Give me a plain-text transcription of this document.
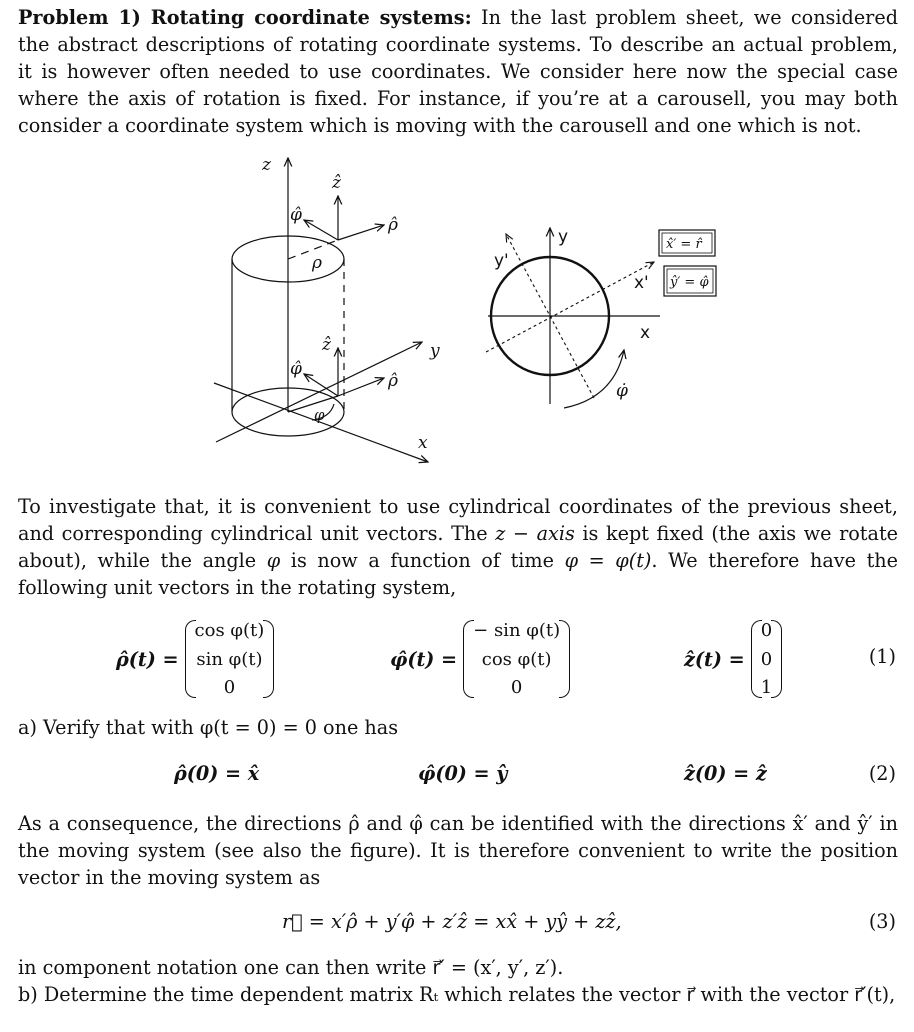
Problem 1) Rotating coordinate systems: In the last problem sheet, we considered the abstract descriptions of rotating coordinate systems. To describe an actual problem, it is however often needed to use coordinates. We consider here now the special case where the axis of rotation is fixed. For instance, if you’re at a carousell, you may both consider a coordinate system which is moving with the carousell and one which is not.
z
ẑ
φ̂	ρ̂
ρ
ẑ	y
φ̂
ρ̂
φ
x
y
y'
x'
x
φ̇
x̂′ = r̂
ŷ′ = φ̂
To investigate that, it is convenient to use cylindrical coordinates of the previous sheet, and corresponding cylindrical unit vectors. The z − axis is kept fixed (the axis we rotate about), while the angle φ is now a function of time φ = φ(t). We therefore have the following unit vectors in the rotating system,
ρ̂(t) =
cos φ(t)
sin φ(t)
0
φ̂(t) =
− sin φ(t)
cos φ(t)
0
ẑ(t) =
0
0
1
(1)
a) Verify that with φ(t = 0) = 0 one has
ρ̂(0) = x̂	φ̂(0) = ŷ	ẑ(0) = ẑ	(2)
As a consequence, the directions ρ̂ and φ̂ can be identified with the directions x̂′ and ŷ′ in the moving system (see also the figure). It is therefore convenient to write the position vector in the moving system as
r⃗ = x′ρ̂ + y′φ̂ + z′ẑ = xx̂ + yŷ + zẑ,	(3)
in component notation one can then write r⃗′ = (x′, y′, z′).
b) Determine the time dependent matrix Rₜ which relates the vector r⃗ with the vector r⃗′(t),
